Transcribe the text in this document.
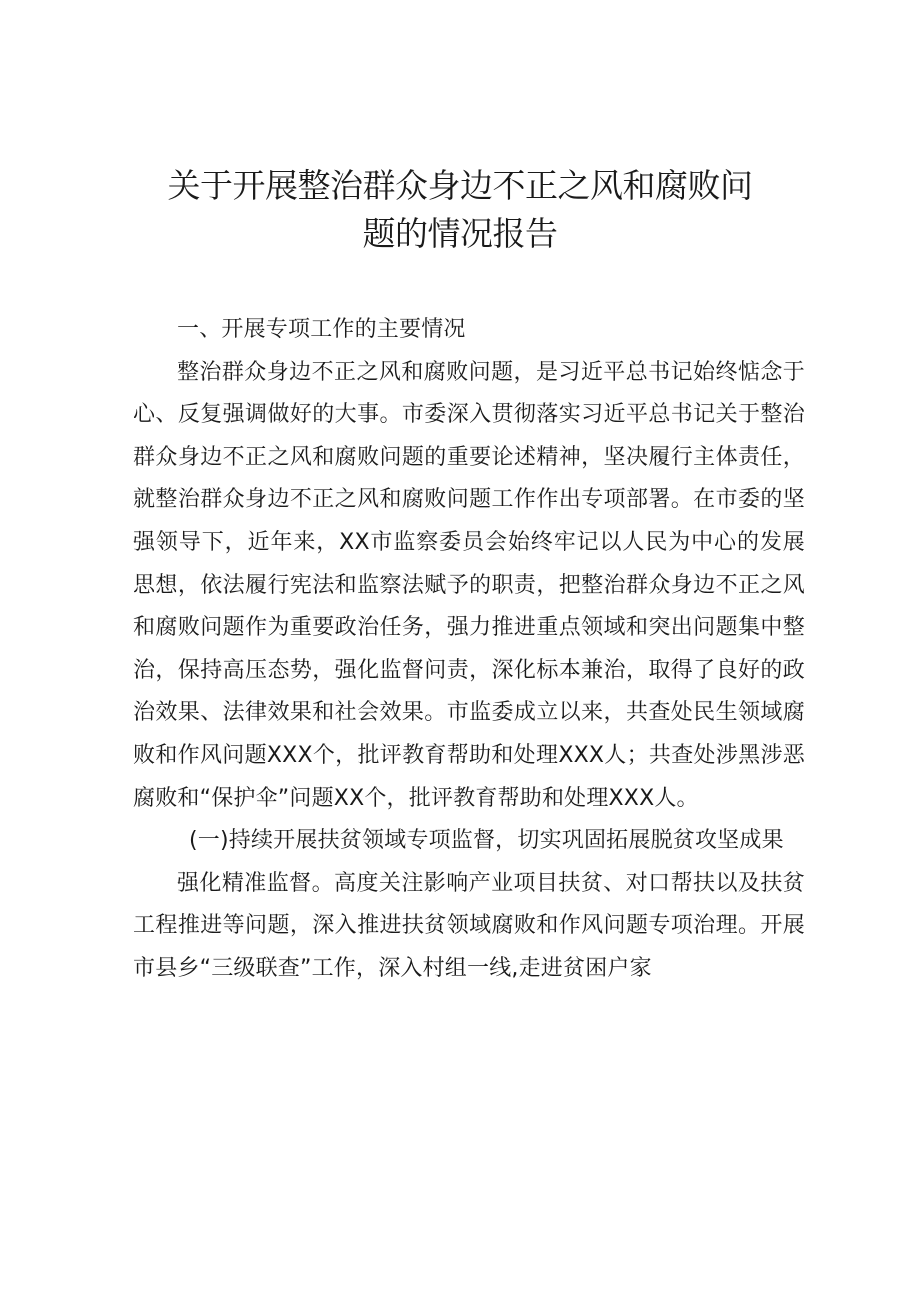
关于开展整治群众身边不正之风和腐败问
题的情况报告

一、开展专项工作的主要情况

整治群众身边不正之风和腐败问题，是习近平总书记始终惦念于心、反复强调做好的大事。市委深入贯彻落实习近平总书记关于整治群众身边不正之风和腐败问题的重要论述精神，坚决履行主体责任，就整治群众身边不正之风和腐败问题工作作出专项部署。在市委的坚强领导下，近年来，XX市监察委员会始终牢记以人民为中心的发展思想，依法履行宪法和监察法赋予的职责，把整治群众身边不正之风和腐败问题作为重要政治任务，强力推进重点领域和突出问题集中整治，保持高压态势，强化监督问责，深化标本兼治，取得了良好的政治效果、法律效果和社会效果。市监委成立以来，共查处民生领域腐败和作风问题XXX个，批评教育帮助和处理XXX人；共查处涉黑涉恶腐败和“保护伞”问题XX个，批评教育帮助和处理XXX人。

(一)持续开展扶贫领域专项监督，切实巩固拓展脱贫攻坚成果

强化精准监督。高度关注影响产业项目扶贫、对口帮扶以及扶贫工程推进等问题，深入推进扶贫领域腐败和作风问题专项治理。开展市县乡“三级联查”工作，深入村组一线,走进贫困户家
